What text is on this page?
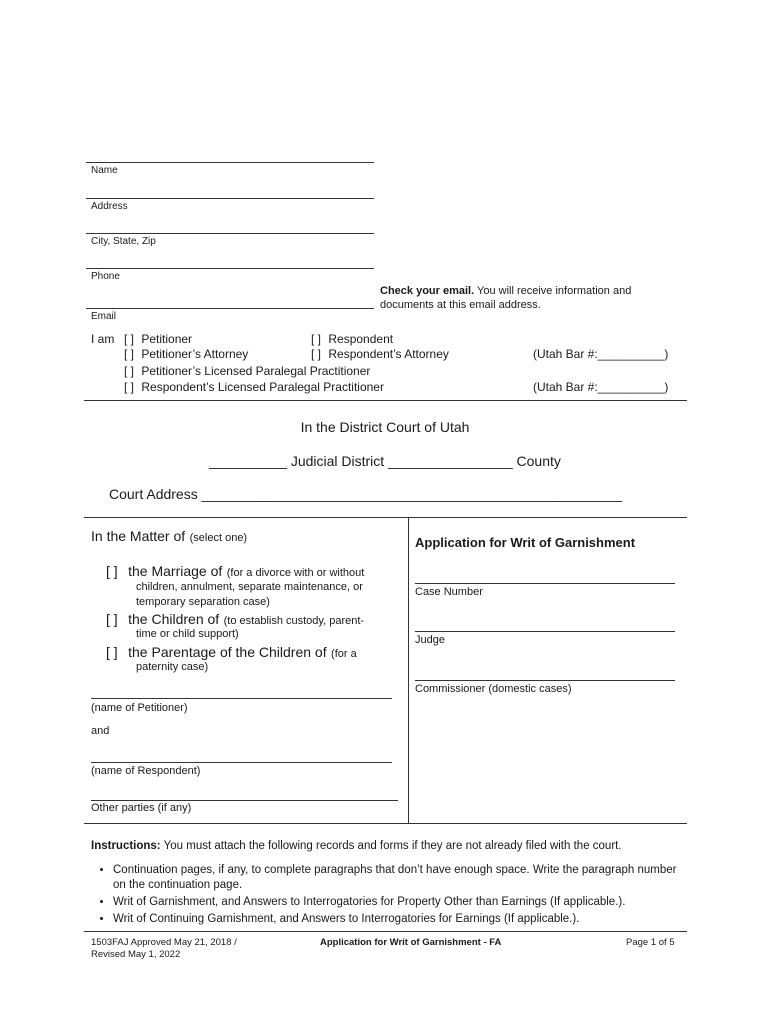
Name
Address
City, State, Zip
Phone
Email
Check your email. You will receive information and
documents at this email address.
I am [ ] Petitioner	[ ] Respondent
[ ] Petitioner’s Attorney	[ ] Respondent’s Attorney	(Utah Bar #:__________)
[ ] Petitioner’s Licensed Paralegal Practitioner
[ ] Respondent’s Licensed Paralegal Practitioner	(Utah Bar #:__________)
In the District Court of Utah
__________ Judicial District ________________ County
Court Address ______________________________________________________
In the Matter of (select one)
[ ] the Marriage of (for a divorce with or without
children, annulment, separate maintenance, or
temporary separation case)
[ ] the Children of (to establish custody, parent-
time or child support)
[ ] the Parentage of the Children of (for a
paternity case)
(name of Petitioner)
and
(name of Respondent)
Other parties (if any)
Application for Writ of Garnishment
Case Number
Judge
Commissioner (domestic cases)
Instructions: You must attach the following records and forms if they are not already filed with the court.
• Continuation pages, if any, to complete paragraphs that don’t have enough space. Write the paragraph number on the continuation page.
• Writ of Garnishment, and Answers to Interrogatories for Property Other than Earnings (If applicable.).
• Writ of Continuing Garnishment, and Answers to Interrogatories for Earnings (If applicable.).
1503FAJ Approved May 21, 2018 /
Revised May 1, 2022
Application for Writ of Garnishment - FA	Page 1 of 5
